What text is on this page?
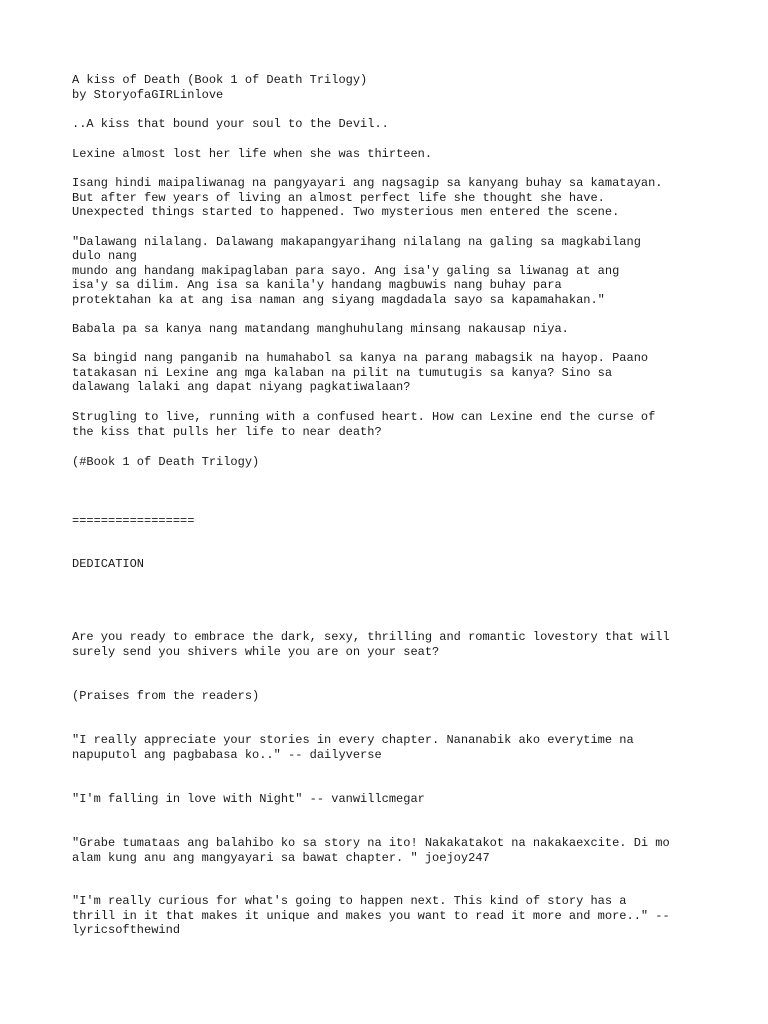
A kiss of Death (Book 1 of Death Trilogy)

by StoryofaGIRLinlove

..A kiss that bound your soul to the Devil..

Lexine almost lost her life when she was thirteen.

Isang hindi maipaliwanag na pangyayari ang nagsagip sa kanyang buhay sa kamatayan.

But after few years of living an almost perfect life she thought she have.

Unexpected things started to happened. Two mysterious men entered the scene.

"Dalawang nilalang. Dalawang makapangyarihang nilalang na galing sa magkabilang

dulo nang

mundo ang handang makipaglaban para sayo. Ang isa'y galing sa liwanag at ang

isa'y sa dilim. Ang isa sa kanila'y handang magbuwis nang buhay para

protektahan ka at ang isa naman ang siyang magdadala sayo sa kapamahakan."

Babala pa sa kanya nang matandang manghuhulang minsang nakausap niya.

Sa bingid nang panganib na humahabol sa kanya na parang mabagsik na hayop. Paano

tatakasan ni Lexine ang mga kalaban na pilit na tumutugis sa kanya? Sino sa

dalawang lalaki ang dapat niyang pagkatiwalaan?

Strugling to live, running with a confused heart. How can Lexine end the curse of

the kiss that pulls her life to near death?

(#Book 1 of Death Trilogy)

=================

DEDICATION

Are you ready to embrace the dark, sexy, thrilling and romantic lovestory that will

surely send you shivers while you are on your seat?

(Praises from the readers)

"I really appreciate your stories in every chapter. Nananabik ako everytime na

napuputol ang pagbabasa ko.." -- dailyverse

"I'm falling in love with Night" -- vanwillcmegar

"Grabe tumataas ang balahibo ko sa story na ito! Nakakatakot na nakakaexcite. Di mo

alam kung anu ang mangyayari sa bawat chapter. " joejoy247

"I'm really curious for what's going to happen next. This kind of story has a

thrill in it that makes it unique and makes you want to read it more and more.." --

lyricsofthewind
